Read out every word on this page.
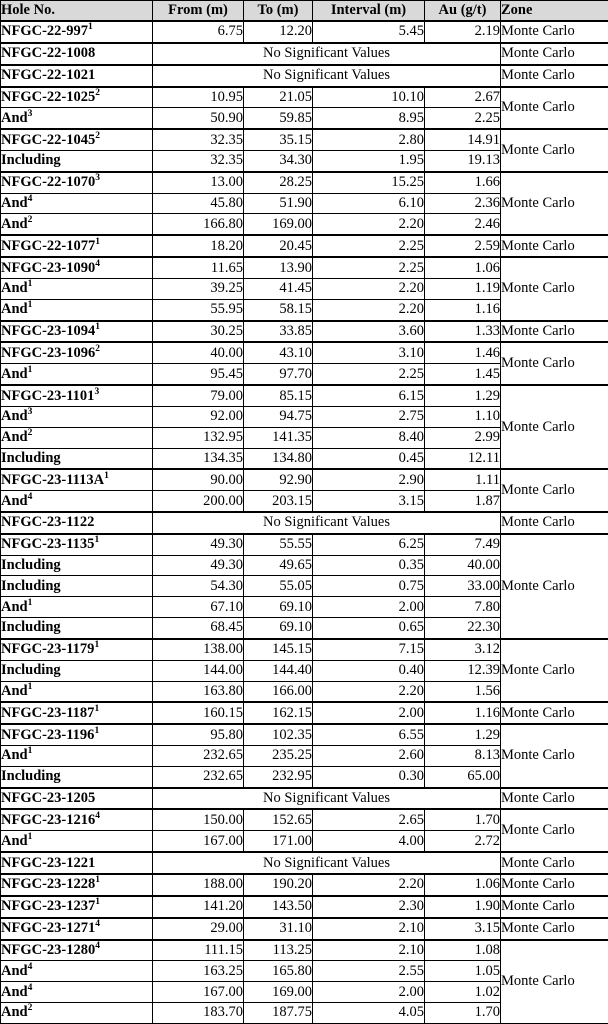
Hole No.	From (m)	To (m)	Interval (m)	Au (g/t)	Zone
NFGC-$22-997^1$	6.75	12.20	5.45	2.19	Monte Carlo
NFGC-22-1008	No Significant Values				Monte Carlo
NFGC-22-1021	No Significant Values				Monte Carlo
NFGC-22-1025$^2$	10.95	21.05	10.10	2.67	Monte Carlo
And$^3$	50.90	59.85	8.95	2.25	
NFGC-22-1045$^2$	32.35	35.15	2.80	14.91	Monte Carlo
Including	32.35	34.30	1.95	19.13	
NFGC-22-1070$^3$	13.00	28.25	15.25	1.66	Monte Carlo
And$^4$	45.80	51.90	6.10	2.36	
And$^2$	166.80	169.00	2.20	2.46	
NFGC-22-1077$^1$	18.20	20.45	2.25	2.59	Monte Carlo
NFGC-23-1090$^4$	11.65	13.90	2.25	1.06	Monte Carlo
And$^1$	39.25	41.45	2.20	1.19	
And$^1$	55.95	58.15	2.20	1.16	
NFGC-23-1094$^1$	30.25	33.85	3.60	1.33	Monte Carlo
NFGC-23-1096$^2$	40.00	43.10	3.10	1.46	Monte Carlo
And$^1$	95.45	97.70	2.25	1.45	
NFGC-23-1101$^3$	79.00	85.15	6.15	1.29	Monte Carlo
And$^3$	92.00	94.75	2.75	1.10	
And$^2$	132.95	141.35	8.40	2.99	
Including	134.35	134.80	0.45	12.11	
NFGC-$23-1113A^1$	90.00	92.90	2.90	1.11	Monte Carlo
And$^4$	200.00	203.15	3.15	1.87	
NFGC-23-1122	No Significant Values				Monte Carlo
NFGC-23-1135$^1$	49.30	55.55	6.25	7.49	Monte Carlo
Including	49.30	49.65	0.35	40.00	
Including	54.30	55.05	0.75	33.00	
And$^1$	67.10	69.10	2.00	7.80	
Including	68.45	69.10	0.65	22.30	
NFGC-23-1179$^1$	138.00	145.15	7.15	3.12	Monte Carlo
Including	144.00	144.40	0.40	12.39	
And$^1$	163.80	166.00	2.20	1.56	
NFGC-23-1187$^1$	160.15	162.15	2.00	1.16	Monte Carlo
NFGC-23-1196$^1$	95.80	102.35	6.55	1.29	Monte Carlo
And$^1$	232.65	235.25	2.60	8.13	
Including	232.65	232.95	0.30	65.00	
NFGC-23-1205	No Significant Values				Monte Carlo
NFGC-23-1216$^4$	150.00	152.65	2.65	1.70	Monte Carlo
And$^1$	167.00	171.00	4.00	2.72	
NFGC-23-1221	No Significant Values				Monte Carlo
NFGC-23-1228$^1$	188.00	190.20	2.20	1.06	Monte Carlo
NFGC-23-1237$^1$	141.20	143.50	2.30	1.90	Monte Carlo
NFGC-23-1271$^4$	29.00	31.10	2.10	3.15	Monte Carlo
NFGC-23-1280$^4$	111.15	113.25	2.10	1.08	Monte Carlo
And$^4$	163.25	165.80	2.55	1.05	
And$^4$	167.00	169.00	2.00	1.02	
And$^2$	183.70	187.75	4.05	1.70	
